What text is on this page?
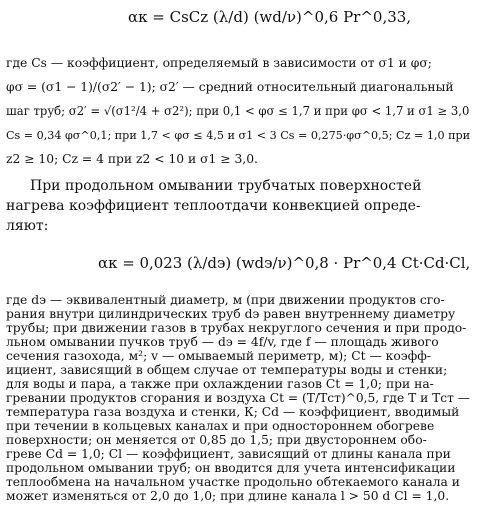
αк = CsCz (λ/d) (wd/ν)^0,6 Pr^0,33,
где Cs — коэффициент, определяемый в зависимости от σ1 и φσ;
φσ = (σ1 − 1)/(σ2′ − 1); σ2′ — средний относительный диагональный
шаг труб; σ2′ = √(σ1²/4 + σ2²); при 0,1 < φσ ≤ 1,7 и при φσ < 1,7 и σ1 ≥ 3,0
Cs = 0,34 φσ^0,1; при 1,7 < φσ ≤ 4,5 и σ1 < 3 Cs = 0,275·φσ^0,5; Cz = 1,0 при
z2 ≥ 10; Cz = 4 при z2 < 10 и σ1 ≥ 3,0.
При продольном омывании трубчатых поверхностей
нагрева коэффициент теплоотдачи конвекцией опреде-
ляют:
αк = 0,023 (λ/dэ) (wdэ/ν)^0,8 · Pr^0,4 Ct·Cd·Cl,
где dэ — эквивалентный диаметр, м (при движении продуктов сго-
рания внутри цилиндрических труб dэ равен внутреннему диаметру
трубы; при движении газов в трубах некруглого сечения и при продо-
льном омывании пучков труб — dэ = 4f/v, где f — площадь живого
сечения газохода, м²; v — омываемый периметр, м); Ct — коэфф-
ициент, зависящий в общем случае от температуры воды и стенки;
для воды и пара, а также при охлаждении газов Ct = 1,0; при на-
гревании продуктов сгорания и воздуха Ct = (T/Tст)^0,5, где T и Tст —
температура газа воздуха и стенки, К; Cd — коэффициент, вводимый
при течении в кольцевых каналах и при одностороннем обогреве
поверхности; он меняется от 0,85 до 1,5; при двустороннем обо-
греве Cd = 1,0; Cl — коэффициент, зависящий от длины канала при
продольном омывании труб; он вводится для учета интенсификации
теплообмена на начальном участке продольно обтекаемого канала и
может изменяться от 2,0 до 1,0; при длине канала l > 50 d Cl = 1,0.
